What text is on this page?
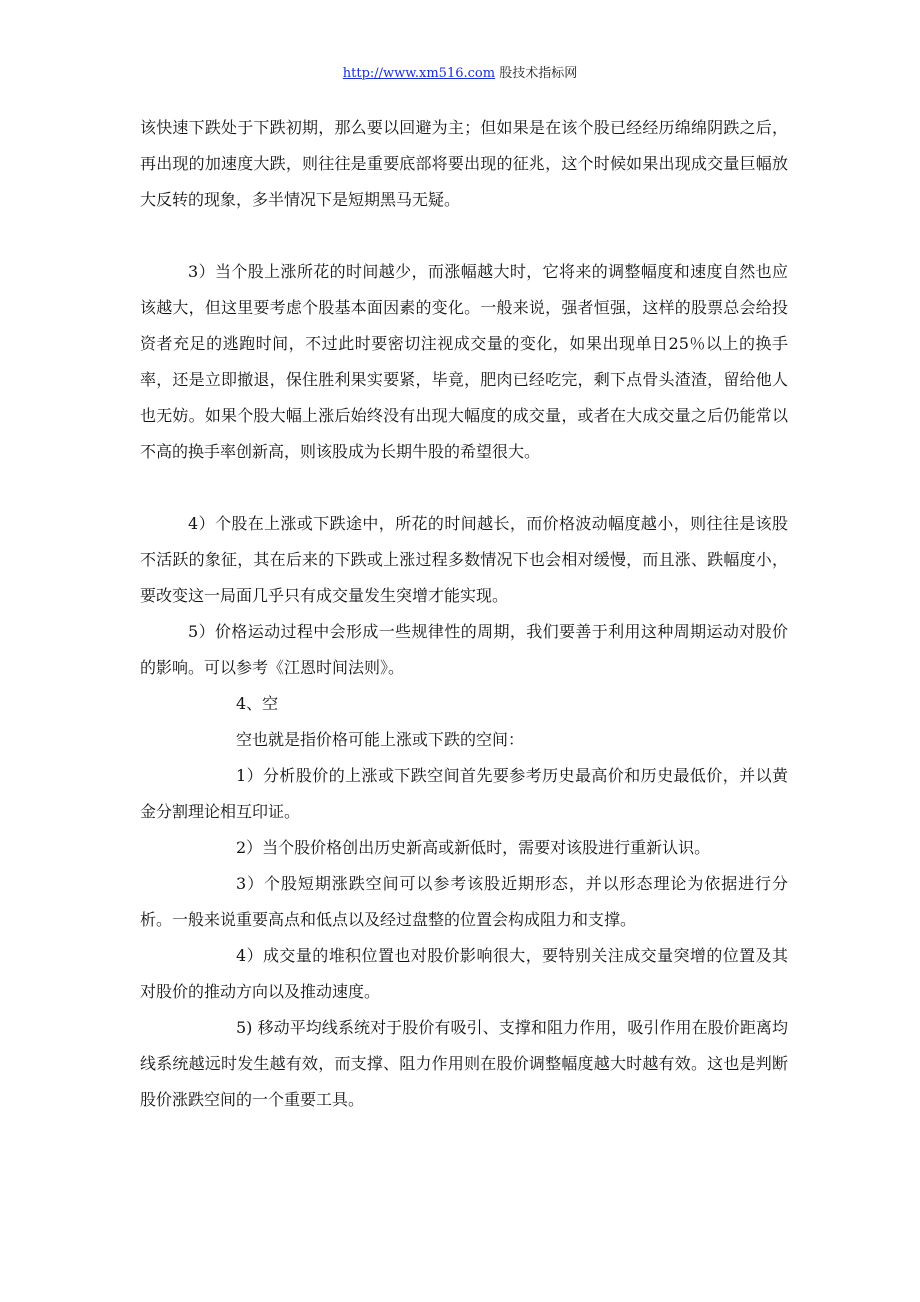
http://www.xm516.com 股技术指标网

该快速下跌处于下跌初期，那么要以回避为主；但如果是在该个股已经经历绵绵阴跌之后，再出现的加速度大跌，则往往是重要底部将要出现的征兆，这个时候如果出现成交量巨幅放大反转的现象，多半情况下是短期黑马无疑。

3）当个股上涨所花的时间越少，而涨幅越大时，它将来的调整幅度和速度自然也应该越大，但这里要考虑个股基本面因素的变化。一般来说，强者恒强，这样的股票总会给投资者充足的逃跑时间，不过此时要密切注视成交量的变化，如果出现单日25％以上的换手率，还是立即撤退，保住胜利果实要紧，毕竟，肥肉已经吃完，剩下点骨头渣渣，留给他人也无妨。如果个股大幅上涨后始终没有出现大幅度的成交量，或者在大成交量之后仍能常以不高的换手率创新高，则该股成为长期牛股的希望很大。

4）个股在上涨或下跌途中，所花的时间越长，而价格波动幅度越小，则往往是该股不活跃的象征，其在后来的下跌或上涨过程多数情况下也会相对缓慢，而且涨、跌幅度小，要改变这一局面几乎只有成交量发生突增才能实现。

5）价格运动过程中会形成一些规律性的周期，我们要善于利用这种周期运动对股价的影响。可以参考《江恩时间法则》。

4、空

空也就是指价格可能上涨或下跌的空间：

1）分析股价的上涨或下跌空间首先要参考历史最高价和历史最低价，并以黄金分割理论相互印证。

2）当个股价格创出历史新高或新低时，需要对该股进行重新认识。

3）个股短期涨跌空间可以参考该股近期形态，并以形态理论为依据进行分析。一般来说重要高点和低点以及经过盘整的位置会构成阻力和支撑。

4）成交量的堆积位置也对股价影响很大，要特别关注成交量突增的位置及其对股价的推动方向以及推动速度。

5) 移动平均线系统对于股价有吸引、支撑和阻力作用，吸引作用在股价距离均线系统越远时发生越有效，而支撑、阻力作用则在股价调整幅度越大时越有效。这也是判断股价涨跌空间的一个重要工具。
